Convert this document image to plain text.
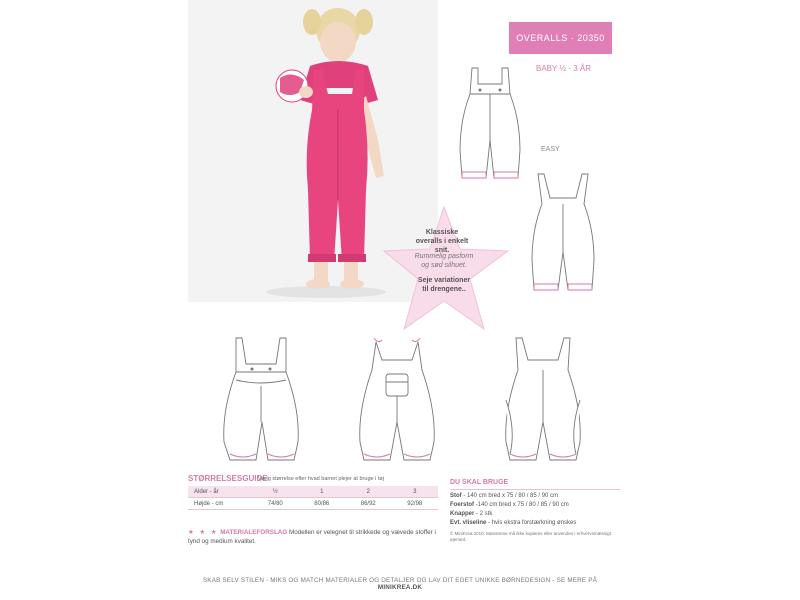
OVERALLS · 20350
BABY ½ - 3 ÅR
EASY
Klassiske overalls i enkelt snit.
Rummelig pasform og sød silhuet.
Seje variationer til drengene..
STØRRELSESGUIDE
Vælg størrelse efter hvad barnet plejer at bruge i tøj
Alder - år	½	1	2	3
Højde - cm	74/80	80/86	86/92	92/98
★ ★ ★ MATERIALEFORSLAG Modellen er velegnet til strikkede og vævede stoffer i tynd og medium kvalitet.
DU SKAL BRUGE
Stof - 140 cm bred x 75 / 80 / 85 / 90 cm
Foerstof -140 cm bred x 75 / 80 / 85 / 90 cm
Knapper - 2 stk
Evt. vliseline - hvis ekstra forstærkning ønskes
© MiniKrea 2010. Mønstrene må ikke kopieres eller anvendes i erhvervsmæssigt øjemed.
SKAB SELV STILEN - MIKS OG MATCH MATERIALER OG DETALJER OG LAV DIT EGET UNIKKE BØRNEDESIGN - SE MERE PÅ MINIKREA.DK
